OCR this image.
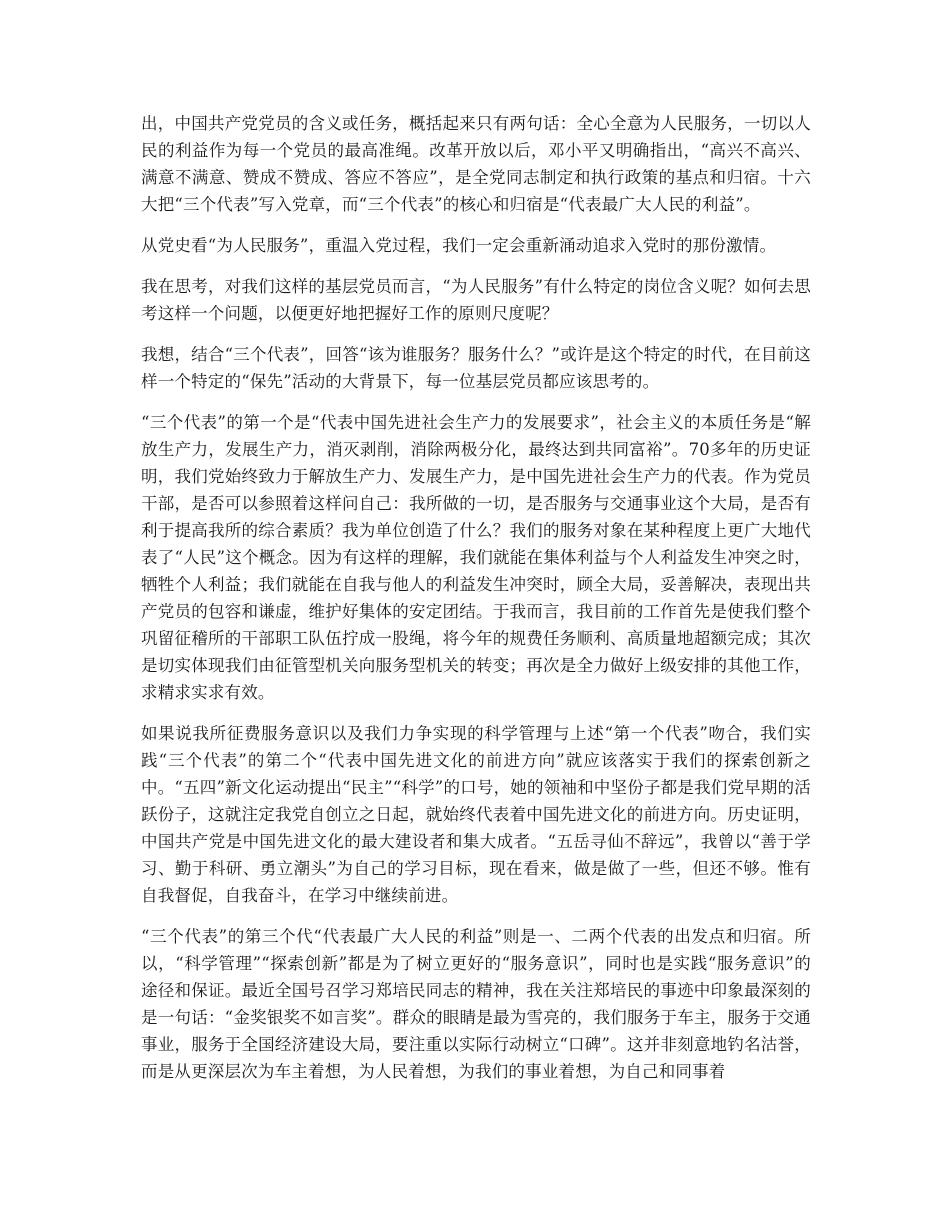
出，中国共产党党员的含义或任务，概括起来只有两句话：全心全意为人民服务，一切以人民的利益作为每一个党员的最高准绳。改革开放以后，邓小平又明确指出，“高兴不高兴、满意不满意、赞成不赞成、答应不答应”，是全党同志制定和执行政策的基点和归宿。十六大把“三个代表”写入党章，而“三个代表”的核心和归宿是“代表最广大人民的利益”。

从党史看“为人民服务”，重温入党过程，我们一定会重新涌动追求入党时的那份激情。

我在思考，对我们这样的基层党员而言，“为人民服务”有什么特定的岗位含义呢？如何去思考这样一个问题，以便更好地把握好工作的原则尺度呢？

我想，结合“三个代表”，回答“该为谁服务？服务什么？”或许是这个特定的时代，在目前这样一个特定的“保先”活动的大背景下，每一位基层党员都应该思考的。

“三个代表”的第一个是“代表中国先进社会生产力的发展要求”，社会主义的本质任务是“解放生产力，发展生产力，消灭剥削，消除两极分化，最终达到共同富裕”。70多年的历史证明，我们党始终致力于解放生产力、发展生产力，是中国先进社会生产力的代表。作为党员干部，是否可以参照着这样问自己：我所做的一切，是否服务与交通事业这个大局，是否有利于提高我所的综合素质？我为单位创造了什么？我们的服务对象在某种程度上更广大地代表了“人民”这个概念。因为有这样的理解，我们就能在集体利益与个人利益发生冲突之时，牺牲个人利益；我们就能在自我与他人的利益发生冲突时，顾全大局，妥善解决，表现出共产党员的包容和谦虚，维护好集体的安定团结。于我而言，我目前的工作首先是使我们整个巩留征稽所的干部职工队伍拧成一股绳，将今年的规费任务顺利、高质量地超额完成；其次是切实体现我们由征管型机关向服务型机关的转变；再次是全力做好上级安排的其他工作，求精求实求有效。

如果说我所征费服务意识以及我们力争实现的科学管理与上述“第一个代表”吻合，我们实践“三个代表”的第二个“代表中国先进文化的前进方向”就应该落实于我们的探索创新之中。“五四”新文化运动提出“民主”“科学”的口号，她的领袖和中坚份子都是我们党早期的活跃份子，这就注定我党自创立之日起，就始终代表着中国先进文化的前进方向。历史证明，中国共产党是中国先进文化的最大建设者和集大成者。“五岳寻仙不辞远”，我曾以“善于学习、勤于科研、勇立潮头”为自己的学习目标，现在看来，做是做了一些，但还不够。惟有自我督促，自我奋斗，在学习中继续前进。

“三个代表”的第三个代“代表最广大人民的利益”则是一、二两个代表的出发点和归宿。所以，“科学管理”“探索创新”都是为了树立更好的“服务意识”，同时也是实践“服务意识”的途径和保证。最近全国号召学习郑培民同志的精神，我在关注郑培民的事迹中印象最深刻的是一句话：“金奖银奖不如言奖”。群众的眼睛是最为雪亮的，我们服务于车主，服务于交通事业，服务于全国经济建设大局，要注重以实际行动树立“口碑”。这并非刻意地钓名沽誉，而是从更深层次为车主着想，为人民着想，为我们的事业着想，为自己和同事着
